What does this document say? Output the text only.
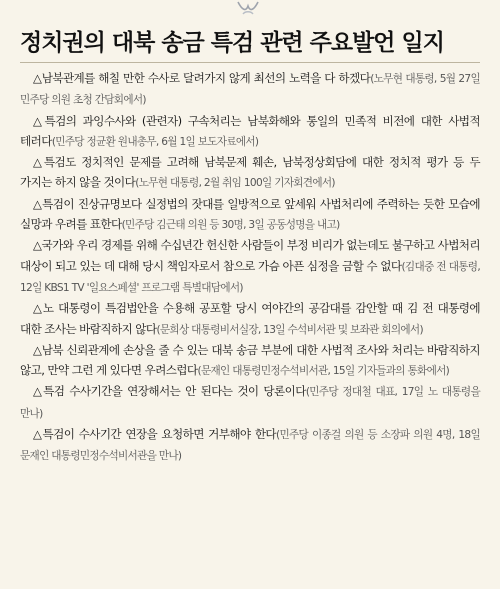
정치권의 대북 송금 특검 관련 주요발언 일지
△남북관계를 해칠 만한 수사로 달려가지 않게 최선의 노력을 다 하겠다(노무현 대통령, 5월 27일 민주당 의원 초청 간담회에서)
△특검의 과잉수사와 (관련자) 구속처리는 남북화해와 통일의 민족적 비전에 대한 사법적 테러다(민주당 정균환 원내총무, 6월 1일 보도자료에서)
△특검도 정치적인 문제를 고려해 남북문제 훼손, 남북정상회담에 대한 정치적 평가 등 두 가지는 하지 않을 것이다(노무현 대통령, 2월 취임 100일 기자회견에서)
△특검이 진상규명보다 실정법의 잣대를 일방적으로 앞세워 사법처리에 주력하는 듯한 모습에 실망과 우려를 표한다(민주당 김근태 의원 등 30명, 3일 공동성명을 내고)
△국가와 우리 경제를 위해 수십년간 헌신한 사람들이 부정 비리가 없는데도 불구하고 사법처리 대상이 되고 있는 데 대해 당시 책임자로서 참으로 가슴 아픈 심정을 금할 수 없다(김대중 전 대통령, 12일 KBS1 TV '일요스페셜' 프로그램 특별대담에서)
△노 대통령이 특검법안을 수용해 공포할 당시 여야간의 공감대를 감안할 때 김 전 대통령에 대한 조사는 바람직하지 않다(문희상 대통령비서실장, 13일 수석비서관 및 보좌관 회의에서)
△남북 신뢰관계에 손상을 줄 수 있는 대북 송금 부분에 대한 사법적 조사와 처리는 바람직하지 않고, 만약 그런 게 있다면 우려스럽다(문재인 대통령민정수석비서관, 15일 기자들과의 통화에서)
△특검 수사기간을 연장해서는 안 된다는 것이 당론이다(민주당 정대철 대표, 17일 노 대통령을 만나)
△특검이 수사기간 연장을 요청하면 거부해야 한다(민주당 이종걸 의원 등 소장파 의원 4명, 18일 문재인 대통령민정수석비서관을 만나)
